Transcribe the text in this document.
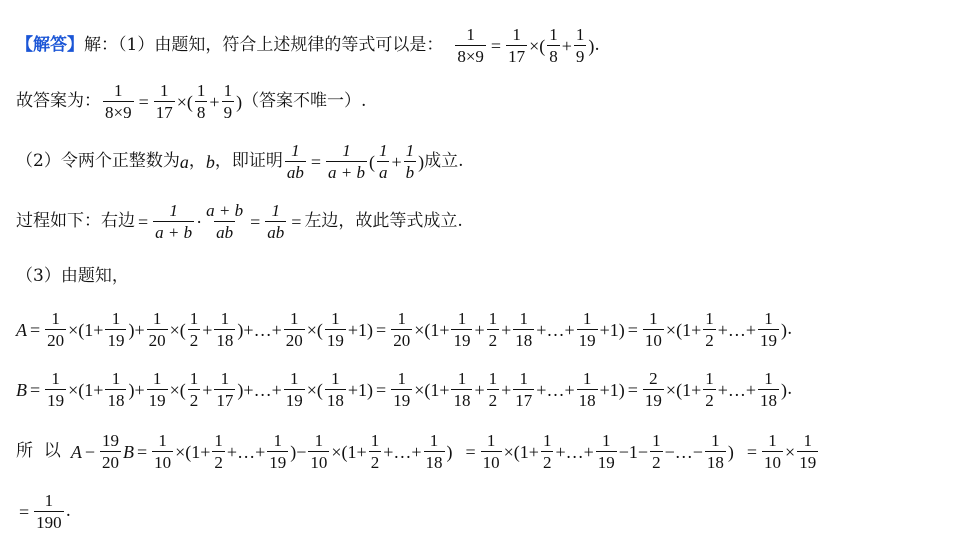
【解答】 解：（1）由题知，符合上述规律的等式可以是： $\frac{1}{8\times 9} = \frac{1}{17}$ ×( $\frac{1}{8} + \frac{1}{9}$ ) .
故答案为： $\frac{1}{8\times 9} = \frac{1}{17}$ ×( $\frac{1}{8} + \frac{1}{9}$ ) （答案不唯一）.
（2）令两个正整数为 a ， b ，即证明 $\frac{1}{ab} = \frac{1}{a + b}$ ( $\frac{1}{a} + \frac{1}{b}$ ) 成立.
过程如下：右边 = $\frac{1}{a + b} \cdot \frac{a + b}{ab} = \frac{1}{ab}$ = 左边，故此等式成立.
（3）由题知，
$A = \frac{1}{20} \times(1+ \frac{1}{19}$ )+ $\frac{1}{20}$ ×( $\frac{1}{2} + \frac{1}{18}$ )+…+ $\frac{1}{20}$ ×( $\frac{1}{19} +1) = \frac{1}{20} \times(1+ \frac{1}{19} + \frac{1}{2} + \frac{1}{18}$ +…+ $\frac{1}{19} +1) = \frac{1}{10} \times(1+ \frac{1}{2}$ +…+ $\frac{1}{19}$ ) .
$B = \frac{1}{19} \times(1+ \frac{1}{18}$ )+ $\frac{1}{19}$ ×( $\frac{1}{2} + \frac{1}{17}$ )+…+ $\frac{1}{19}$ ×( $\frac{1}{18} +1) = \frac{1}{19} \times(1+ \frac{1}{18} + \frac{1}{2} + \frac{1}{17}$ +…+ $\frac{1}{18} +1) = \frac{2}{19} \times(1+ \frac{1}{2}$ +…+ $\frac{1}{18}$ ) .
所  以 $A - \frac{19}{20}$ $B = \frac{1}{10} \times(1+ \frac{1}{2}$ +…+ $\frac{1}{19}$ )− $\frac{1}{10} \times(1+ \frac{1}{2}$ +…+ $\frac{1}{18}$ ) = $\frac{1}{10} \times(1+ \frac{1}{2}$ +…+ $\frac{1}{19} -1- \frac{1}{2}$ −…− $\frac{1}{18}$ ) = $\frac{1}{10} \times \frac{1}{19}$
= $\frac{1}{190}$ .
